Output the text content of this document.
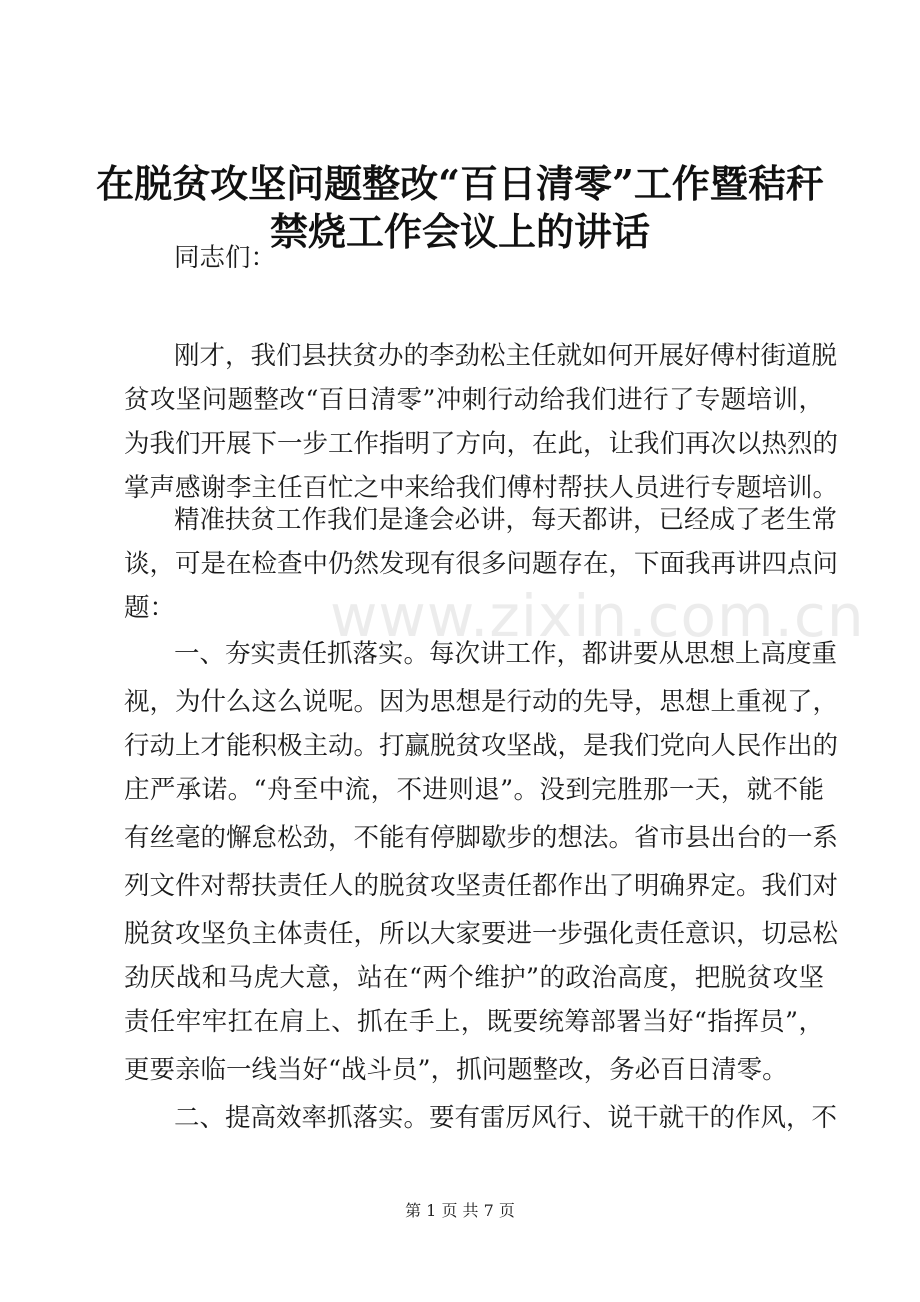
www.zixin.com.cn
在脱贫攻坚问题整改“百日清零”工作暨秸秆
禁烧工作会议上的讲话
同志们：
刚才，我们县扶贫办的李劲松主任就如何开展好傅村街道脱
贫攻坚问题整改“百日清零”冲刺行动给我们进行了专题培训，
为我们开展下一步工作指明了方向，在此，让我们再次以热烈的
掌声感谢李主任百忙之中来给我们傅村帮扶人员进行专题培训。
精准扶贫工作我们是逢会必讲，每天都讲，已经成了老生常
谈，可是在检查中仍然发现有很多问题存在，下面我再讲四点问
题：
一、夯实责任抓落实。每次讲工作，都讲要从思想上高度重
视，为什么这么说呢。因为思想是行动的先导，思想上重视了，
行动上才能积极主动。打赢脱贫攻坚战，是我们党向人民作出的
庄严承诺。“舟至中流，不进则退”。没到完胜那一天，就不能
有丝毫的懈怠松劲，不能有停脚歇步的想法。省市县出台的一系
列文件对帮扶责任人的脱贫攻坚责任都作出了明确界定。我们对
脱贫攻坚负主体责任，所以大家要进一步强化责任意识，切忌松
劲厌战和马虎大意，站在“两个维护”的政治高度，把脱贫攻坚
责任牢牢扛在肩上、抓在手上，既要统筹部署当好“指挥员”，
更要亲临一线当好“战斗员”，抓问题整改，务必百日清零。
二、提高效率抓落实。要有雷厉风行、说干就干的作风，不
第 1 页 共 7 页
